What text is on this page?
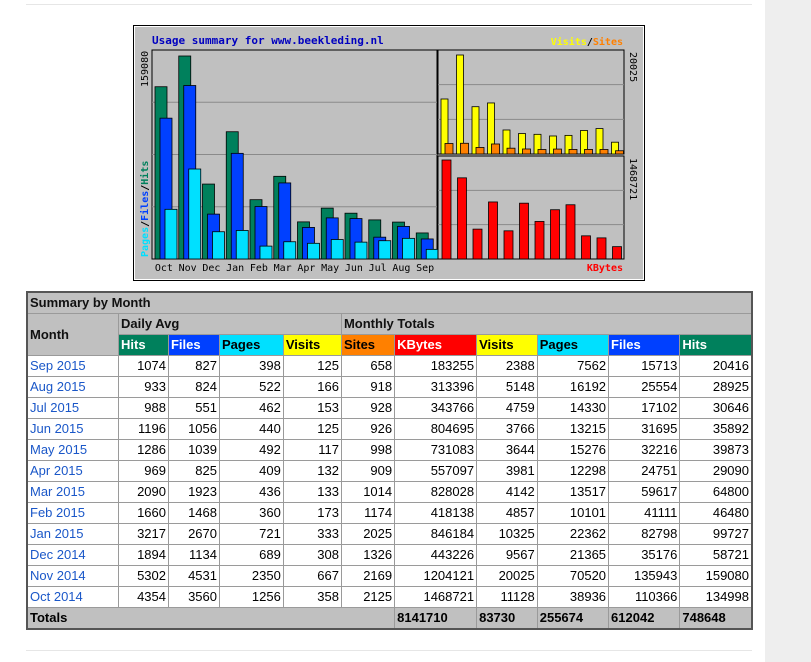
Usage summary for www.beekleding.nl
Oct Nov Dec Jan Feb Mar Apr May Jun Jul Aug Sep
159080
Pages/Files/Hits
Visits/Sites
20025
1468721
KBytes
Summary by Month										
Month	Daily Avg				Monthly Totals					
	Hits	Files	Pages	Visits	Sites	KBytes	Visits	Pages	Files	Hits
Sep 2015	1074	827	398	125	658	183255	2388	7562	15713	20416
Aug 2015	933	824	522	166	918	313396	5148	16192	25554	28925
Jul 2015	988	551	462	153	928	343766	4759	14330	17102	30646
Jun 2015	1196	1056	440	125	926	804695	3766	13215	31695	35892
May 2015	1286	1039	492	117	998	731083	3644	15276	32216	39873
Apr 2015	969	825	409	132	909	557097	3981	12298	24751	29090
Mar 2015	2090	1923	436	133	1014	828028	4142	13517	59617	64800
Feb 2015	1660	1468	360	173	1174	418138	4857	10101	41111	46480
Jan 2015	3217	2670	721	333	2025	846184	10325	22362	82798	99727
Dec 2014	1894	1134	689	308	1326	443226	9567	21365	35176	58721
Nov 2014	5302	4531	2350	667	2169	1204121	20025	70520	135943	159080
Oct 2014	4354	3560	1256	358	2125	1468721	11128	38936	110366	134998
Totals						8141710	83730	255674	612042	748648
